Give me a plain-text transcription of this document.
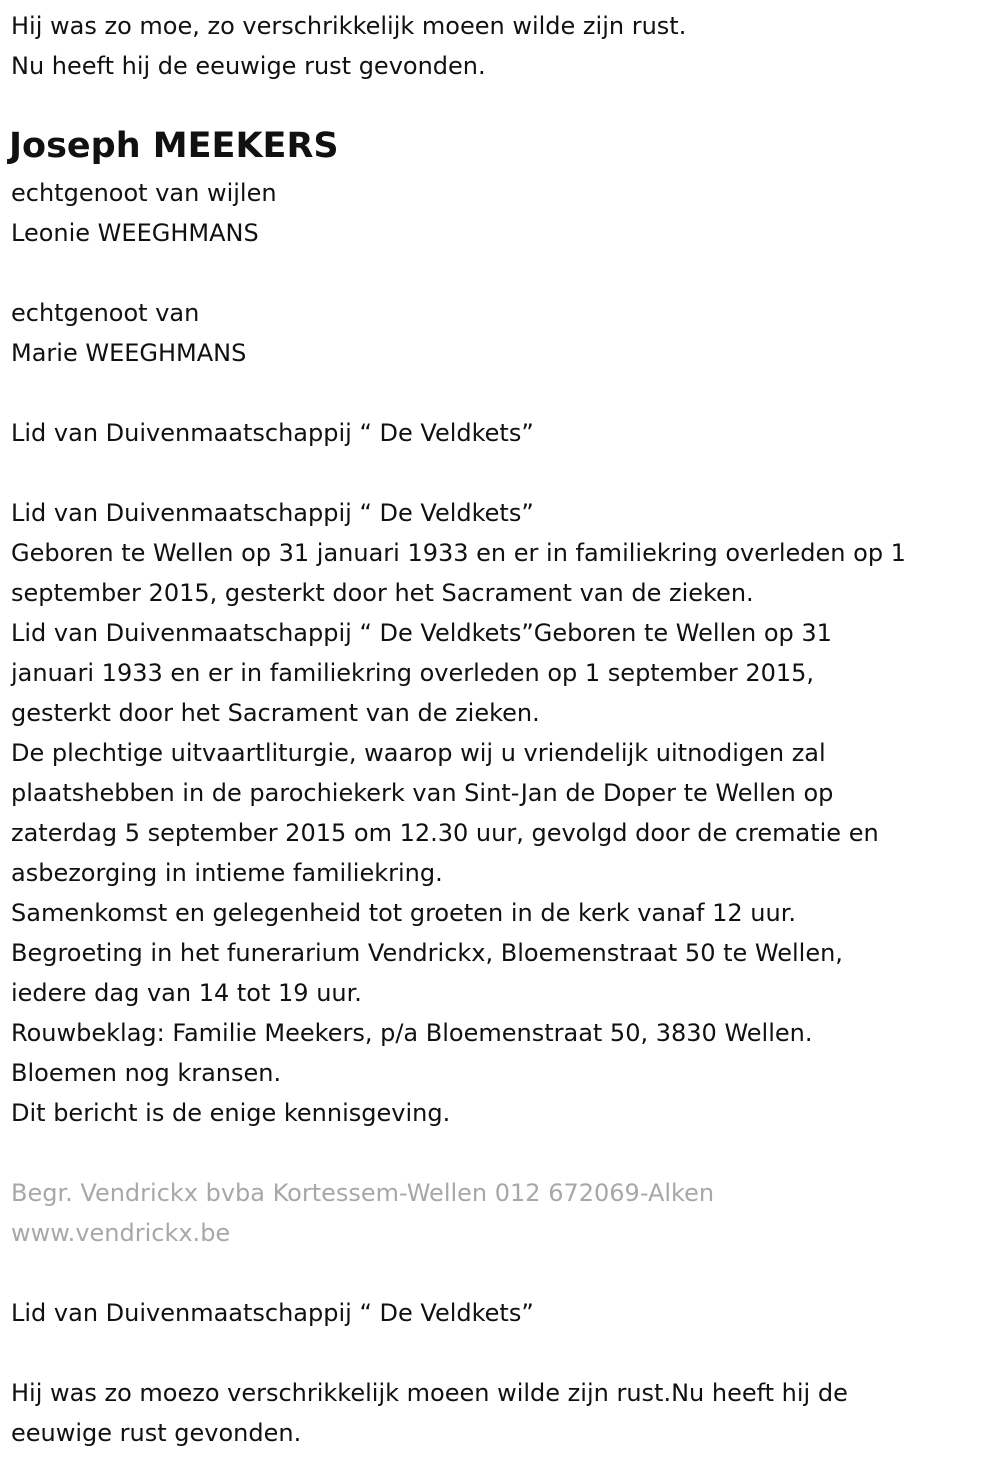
Hij was zo moe, zo verschrikkelijk moeen wilde zijn rust.
Nu heeft hij de eeuwige rust gevonden.
Joseph MEEKERS
echtgenoot van wijlen
Leonie WEEGHMANS
echtgenoot van
Marie WEEGHMANS
Lid van Duivenmaatschappij “ De Veldkets”
Lid van Duivenmaatschappij “ De Veldkets”
Geboren te Wellen op 31 januari 1933 en er in familiekring overleden op 1
september 2015, gesterkt door het Sacrament van de zieken.
Lid van Duivenmaatschappij “ De Veldkets”Geboren te Wellen op 31
januari 1933 en er in familiekring overleden op 1 september 2015,
gesterkt door het Sacrament van de zieken.
De plechtige uitvaartliturgie, waarop wij u vriendelijk uitnodigen zal
plaatshebben in de parochiekerk van Sint-Jan de Doper te Wellen op
zaterdag 5 september 2015 om 12.30 uur, gevolgd door de crematie en
asbezorging in intieme familiekring.
Samenkomst en gelegenheid tot groeten in de kerk vanaf 12 uur.
Begroeting in het funerarium Vendrickx, Bloemenstraat 50 te Wellen,
iedere dag van 14 tot 19 uur.
Rouwbeklag: Familie Meekers, p/a Bloemenstraat 50, 3830 Wellen.
Bloemen nog kransen.
Dit bericht is de enige kennisgeving.
Begr. Vendrickx bvba Kortessem-Wellen 012 672069-Alken
www.vendrickx.be
Lid van Duivenmaatschappij “ De Veldkets”
Hij was zo moezo verschrikkelijk moeen wilde zijn rust.Nu heeft hij de
eeuwige rust gevonden.
